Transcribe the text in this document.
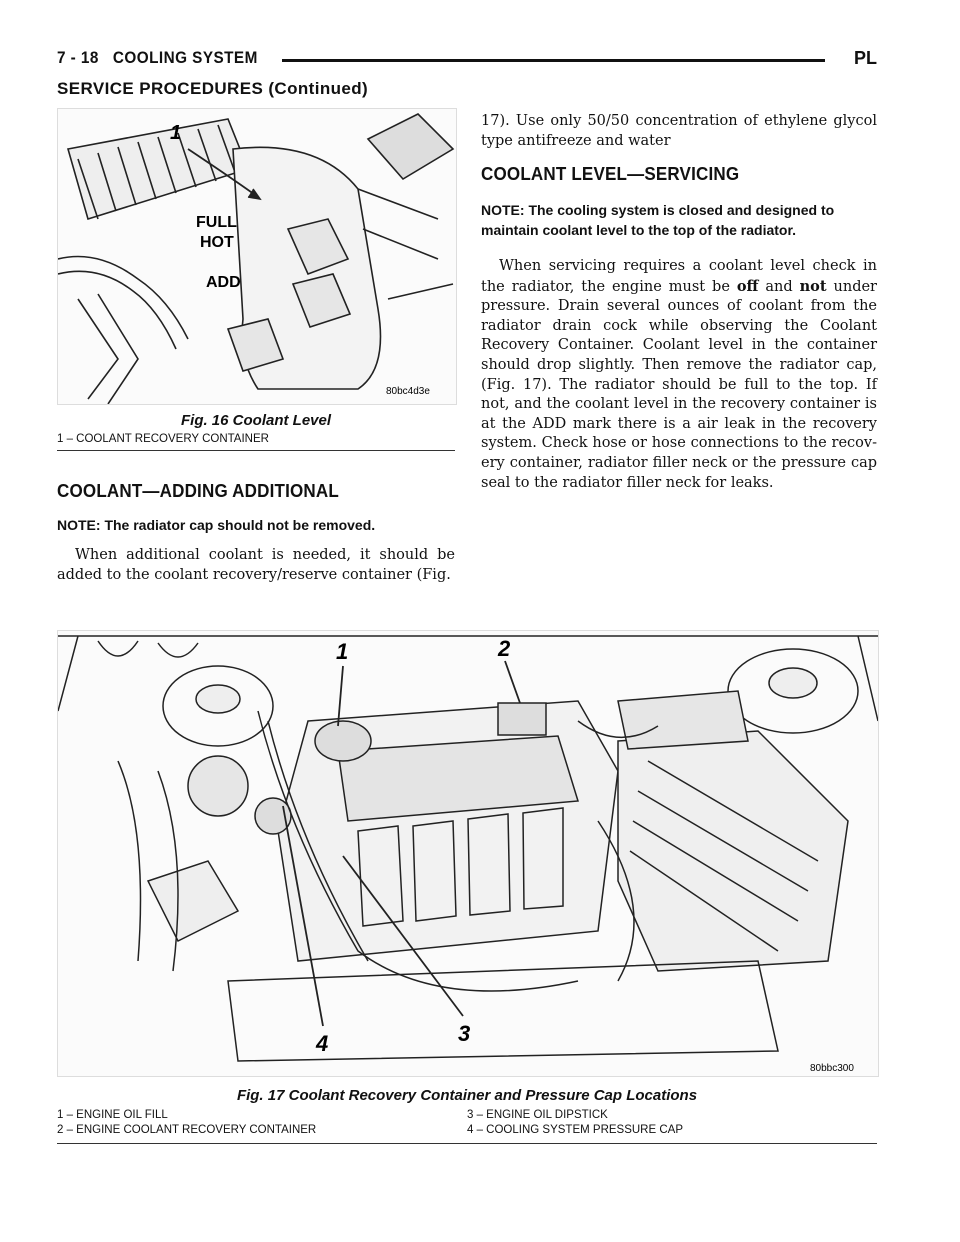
7 - 18   COOLING SYSTEM	PL
SERVICE PROCEDURES (Continued)
1
FULL
HOT
ADD
80bc4d3e
Fig. 16 Coolant Level
1 – COOLANT RECOVERY CONTAINER
COOLANT—ADDING ADDITIONAL
NOTE: The radiator cap should not be removed.

When additional coolant is needed, it should be added to the coolant recovery/reserve container (Fig.

17). Use only 50/50 concentration of ethylene glycol type antifreeze and water

COOLANT LEVEL—SERVICING
NOTE: The cooling system is closed and designed to maintain coolant level to the top of the radiator.

When servicing requires a coolant level check in the radiator, the engine must be off and not under pressure. Drain several ounces of coolant from the radiator drain cock while observing the Coolant Recovery Container. Coolant level in the container should drop slightly. Then remove the radiator cap, (Fig. 17). The radiator should be full to the top. If not, and the coolant level in the recovery container is at the ADD mark there is a air leak in the recovery system. Check hose or hose connections to the recov-ery container, radiator filler neck or the pressure cap seal to the radiator filler neck for leaks.

1	2
3
4
80bbc300
Fig. 17 Coolant Recovery Container and Pressure Cap Locations
1 – ENGINE OIL FILL
2 – ENGINE COOLANT RECOVERY CONTAINER
3 – ENGINE OIL DIPSTICK
4 – COOLING SYSTEM PRESSURE CAP
